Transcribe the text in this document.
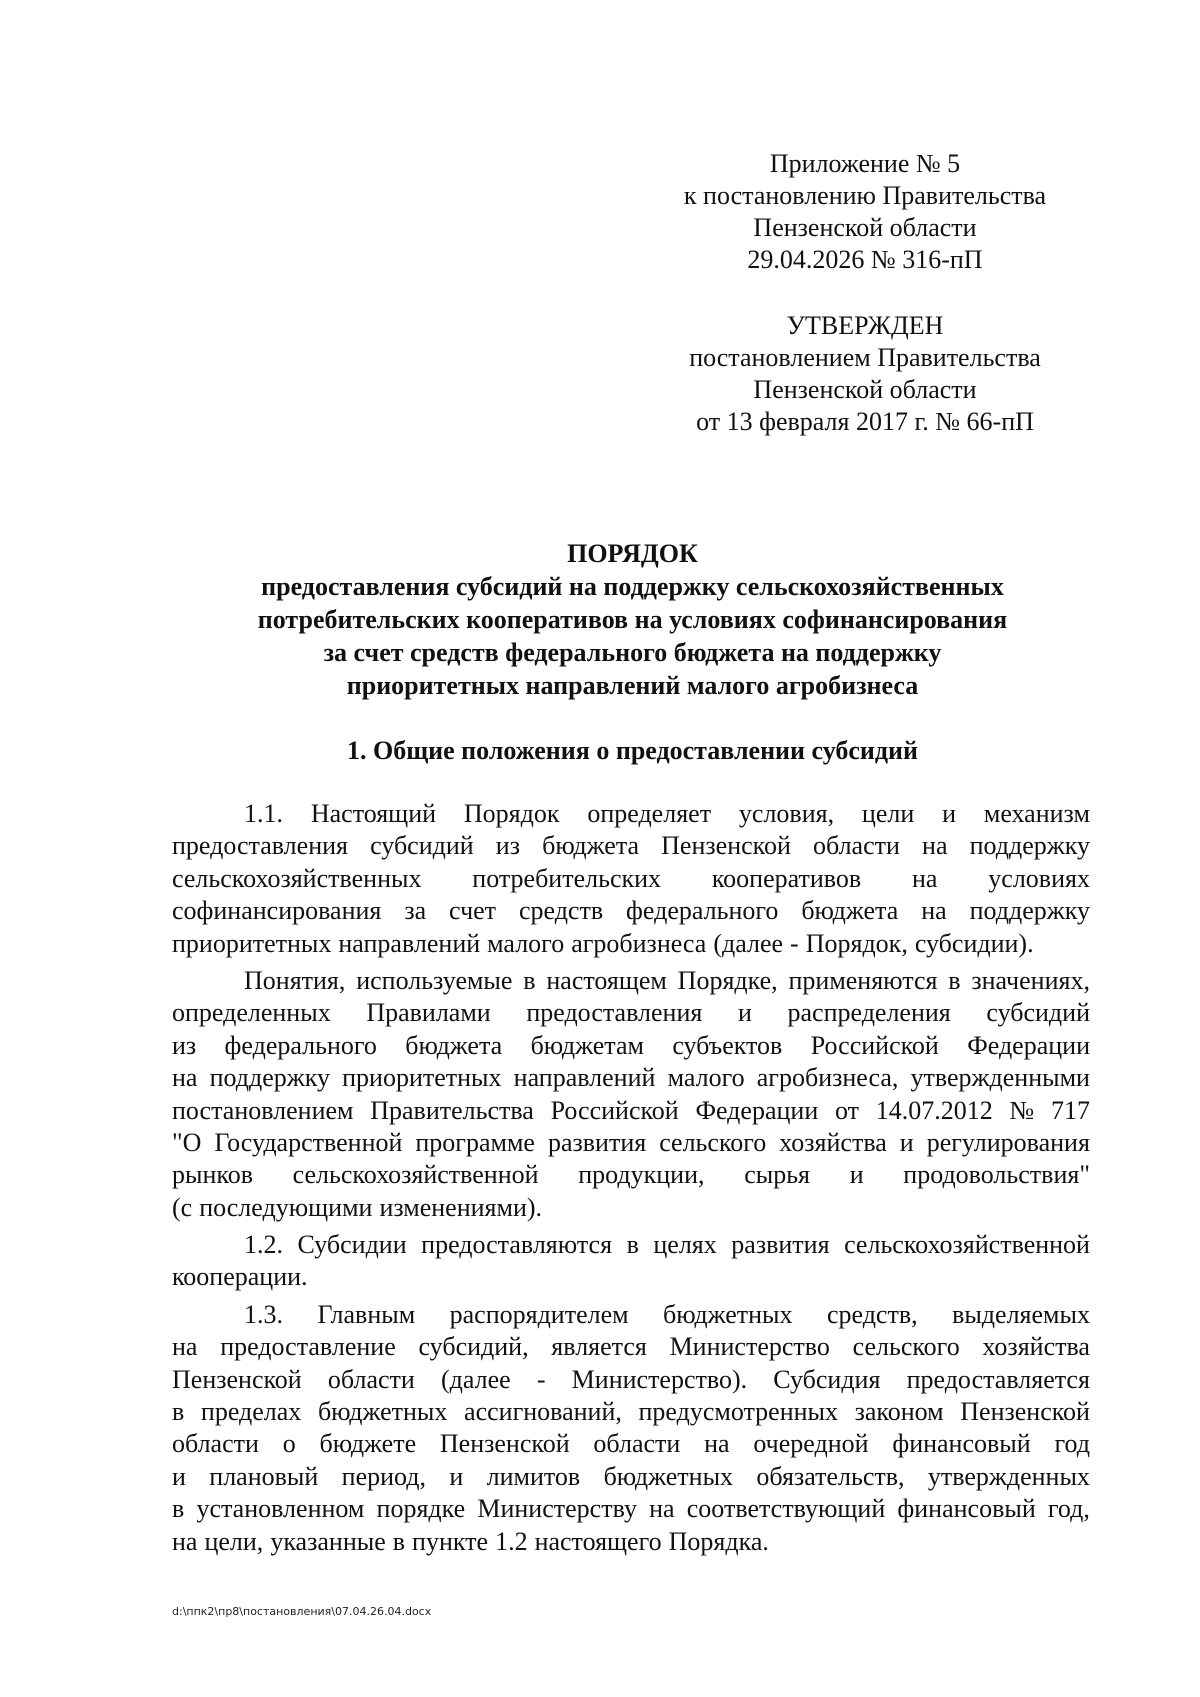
Приложение № 5
к постановлению Правительства
Пензенской области
29.04.2026 № 316-пП
УТВЕРЖДЕН
постановлением Правительства
Пензенской области
от 13 февраля 2017 г. № 66-пП
ПОРЯДОК
предоставления субсидий на поддержку сельскохозяйственных
потребительских кооперативов на условиях софинансирования
за счет средств федерального бюджета на поддержку
приоритетных направлений малого агробизнеса
1. Общие положения о предоставлении субсидий
1.1. Настоящий Порядок определяет условия, цели и механизм
предоставления субсидий из бюджета Пензенской области на поддержку
сельскохозяйственных потребительских кооперативов на условиях
софинансирования за счет средств федерального бюджета на поддержку
приоритетных направлений малого агробизнеса (далее - Порядок, субсидии).
Понятия, используемые в настоящем Порядке, применяются в значениях,
определенных Правилами предоставления и распределения субсидий
из федерального бюджета бюджетам субъектов Российской Федерации
на поддержку приоритетных направлений малого агробизнеса, утвержденными
постановлением Правительства Российской Федерации от 14.07.2012 № 717
"О Государственной программе развития сельского хозяйства и регулирования
рынков сельскохозяйственной продукции, сырья и продовольствия"
(с последующими изменениями).
1.2. Субсидии предоставляются в целях развития сельскохозяйственной
кооперации.
1.3. Главным распорядителем бюджетных средств, выделяемых
на предоставление субсидий, является Министерство сельского хозяйства
Пензенской области (далее - Министерство). Субсидия предоставляется
в пределах бюджетных ассигнований, предусмотренных законом Пензенской
области о бюджете Пензенской области на очередной финансовый год
и плановый период, и лимитов бюджетных обязательств, утвержденных
в установленном порядке Министерству на соответствующий финансовый год,
на цели, указанные в пункте 1.2 настоящего Порядка.
d:\ппк2\пр8\постановления\07.04.26.04.docx
